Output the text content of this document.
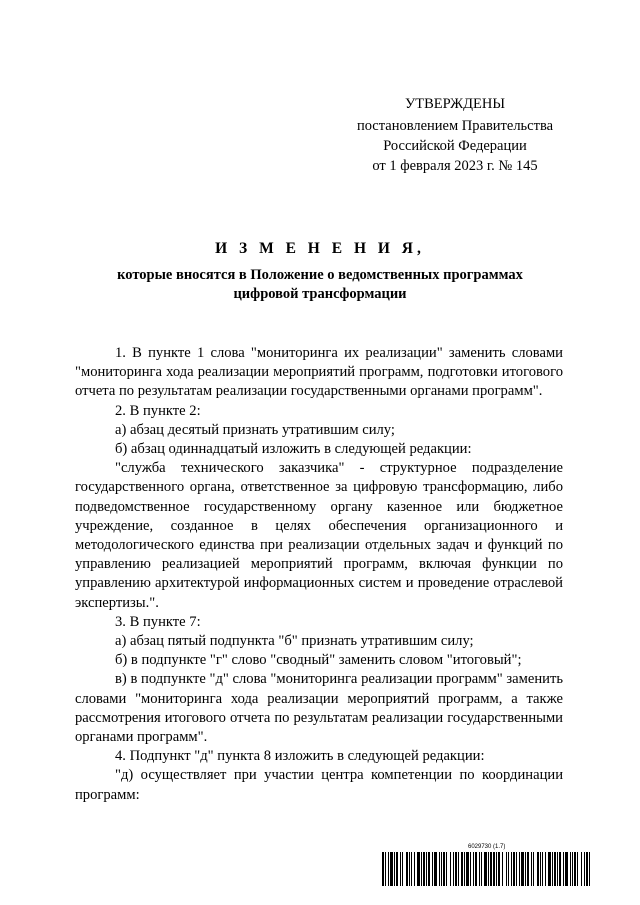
УТВЕРЖДЕНЫ
постановлением Правительства
Российской Федерации
от 1 февраля 2023 г. № 145
И З М Е Н Е Н И Я,
которые вносятся в Положение о ведомственных программах
цифровой трансформации

1. В пункте 1 слова "мониторинга их реализации" заменить словами "мониторинга хода реализации мероприятий программ, подготовки итогового отчета по результатам реализации государственными органами программ".

2. В пункте 2:

а) абзац десятый признать утратившим силу;

б) абзац одиннадцатый изложить в следующей редакции:

"служба технического заказчика" - структурное подразделение государственного органа, ответственное за цифровую трансформацию, либо подведомственное государственному органу казенное или бюджетное учреждение, созданное в целях обеспечения организационного и методологического единства при реализации отдельных задач и функций по управлению реализацией мероприятий программ, включая функции по управлению архитектурой информационных систем и проведение отраслевой экспертизы.".

3. В пункте 7:

а) абзац пятый подпункта "б" признать утратившим силу;

б) в подпункте "г" слово "сводный" заменить словом "итоговый";

в) в подпункте "д" слова "мониторинга реализации программ" заменить словами "мониторинга хода реализации мероприятий программ, а также рассмотрения итогового отчета по результатам реализации государственными органами программ".

4. Подпункт "д" пункта 8 изложить в следующей редакции:

"д) осуществляет при участии центра компетенции по координации программ:

6029730 (1.7)
